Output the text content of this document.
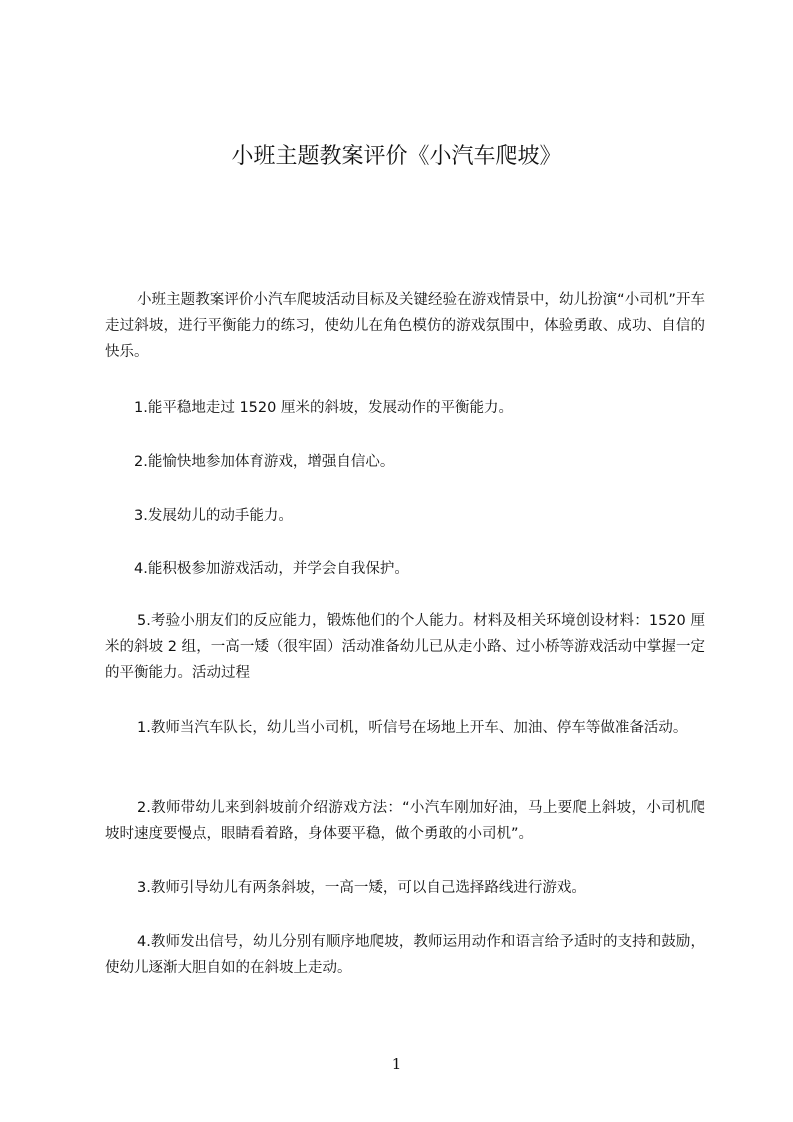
小班主题教案评价《小汽车爬坡》

小班主题教案评价小汽车爬坡活动目标及关键经验在游戏情景中，幼儿扮演“小司机”开车走过斜坡，进行平衡能力的练习，使幼儿在角色模仿的游戏氛围中，体验勇敢、成功、自信的快乐。

1.能平稳地走过 1520 厘米的斜坡，发展动作的平衡能力。

2.能愉快地参加体育游戏，增强自信心。

3.发展幼儿的动手能力。

4.能积极参加游戏活动，并学会自我保护。

5.考验小朋友们的反应能力，锻炼他们的个人能力。材料及相关环境创设材料：1520 厘米的斜坡 2 组，一高一矮（很牢固）活动准备幼儿已从走小路、过小桥等游戏活动中掌握一定的平衡能力。活动过程

1.教师当汽车队长，幼儿当小司机，听信号在场地上开车、加油、停车等做准备活动。

2.教师带幼儿来到斜坡前介绍游戏方法：“小汽车刚加好油，马上要爬上斜坡，小司机爬坡时速度要慢点，眼睛看着路，身体要平稳，做个勇敢的小司机”。

3.教师引导幼儿有两条斜坡，一高一矮，可以自己选择路线进行游戏。

4.教师发出信号，幼儿分别有顺序地爬坡，教师运用动作和语言给予适时的支持和鼓励，使幼儿逐渐大胆自如的在斜坡上走动。

1
